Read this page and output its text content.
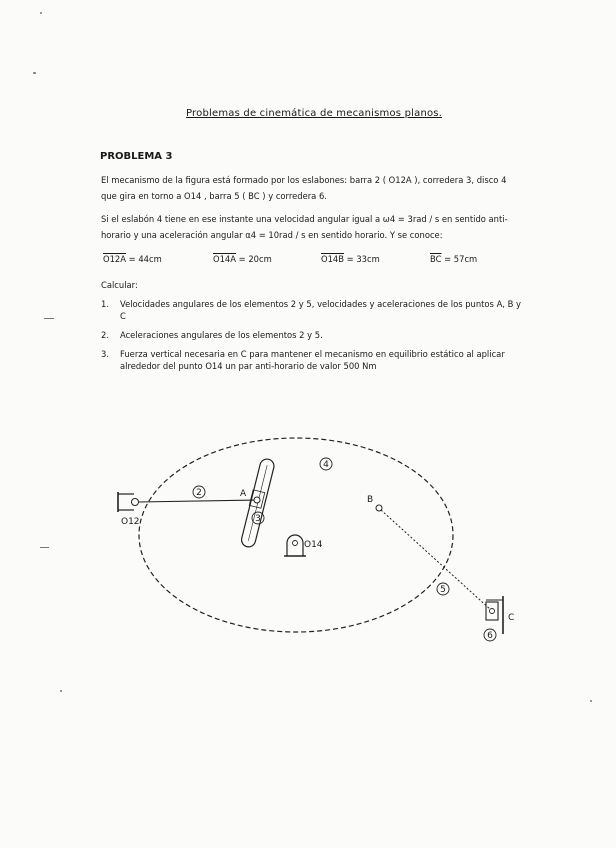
Problemas de cinemática de mecanismos planos.
PROBLEMA 3
El mecanismo de la figura está formado por los eslabones: barra 2 ( O12A ), corredera 3, disco 4 que gira en torno a O14 , barra 5 ( BC ) y corredera 6.
Si el eslabón 4 tiene en ese instante una velocidad angular igual a ω4 = 3rad / s en sentido anti-horario y una aceleración angular α4 = 10rad / s en sentido horario. Y se conoce:
O12A = 44cm	O14A = 20cm	O14B = 33cm	$\overline{BC} = 57cm$
Calcular:
1. Velocidades angulares de los elementos 2 y 5, velocidades y aceleraciones de los puntos A, B y C
2. Aceleraciones angulares de los elementos 2 y 5.
3. Fuerza vertical necesaria en C para mantener el mecanismo en equilibrio estático al aplicar alrededor del punto O14 un par anti-horario de valor 500 Nm
2
3
4
5
6
A
B
C
O12
O14
